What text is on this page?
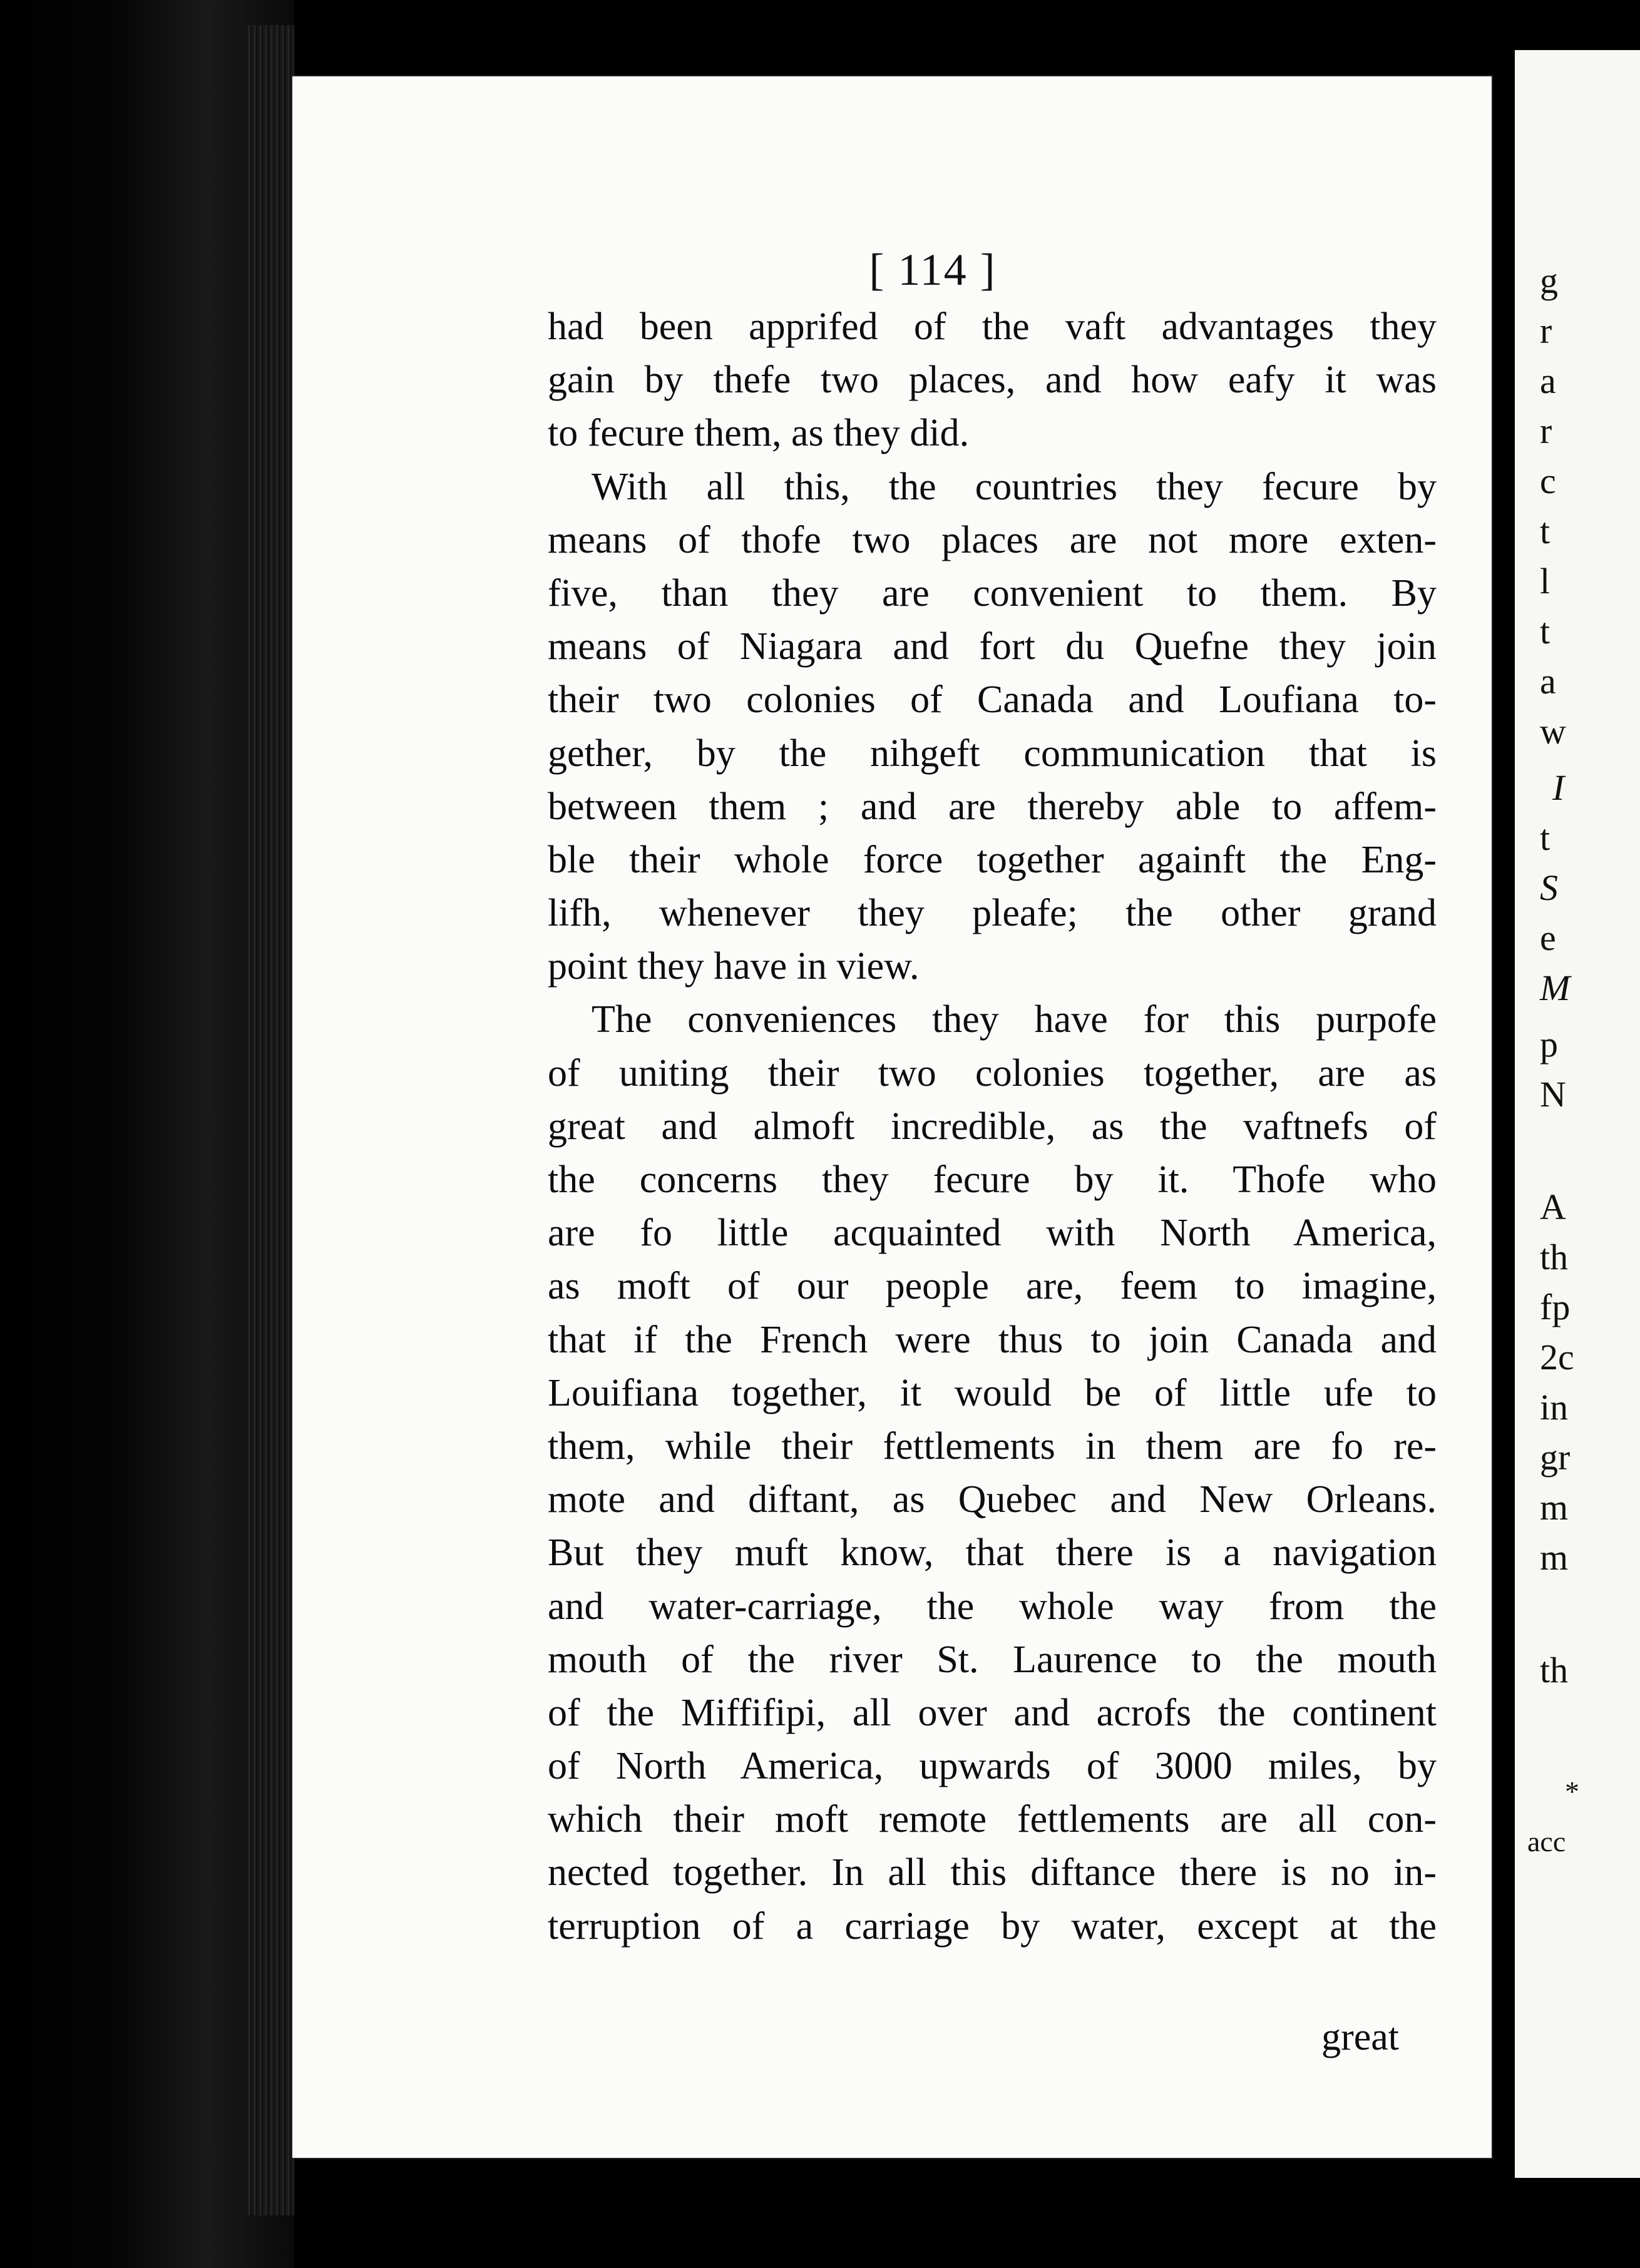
[ 114 ]
had been apprifed of the vaft advantages they
gain by thefe two places, and how eafy it was
to fecure them, as they did.
With all this, the countries they fecure by
means of thofe two places are not more exten-
five, than they are convenient to them. By
means of Niagara and fort du Quefne they join
their two colonies of Canada and Loufiana to-
gether, by the nihgeft communication that is
between them ; and are thereby able to affem-
ble their whole force together againft the Eng-
lifh, whenever they pleafe; the other grand
point they have in view.
The conveniences they have for this purpofe
of uniting their two colonies together, are as
great and almoft incredible, as the vaftnefs of
the concerns they fecure by it. Thofe who
are fo little acquainted with North America,
as moft of our people are, feem to imagine,
that if the French were thus to join Canada and
Louifiana together, it would be of little ufe to
them, while their fettlements in them are fo re-
mote and diftant, as Quebec and New Orleans.
But they muft know, that there is a navigation
and water-carriage, the whole way from the
mouth of the river St. Laurence to the mouth
of the Miffifipi, all over and acrofs the continent
of North America, upwards of 3000 miles, by
which their moft remote fettlements are all con-
nected together. In all this diftance there is no in-
terruption of a carriage by water, except at the
great
g
r
a
r
c
t
l
t
a
w
I
t
S
e
M
p
N
A
th
fp
2c
in
gr
m
m
th
*
acc
